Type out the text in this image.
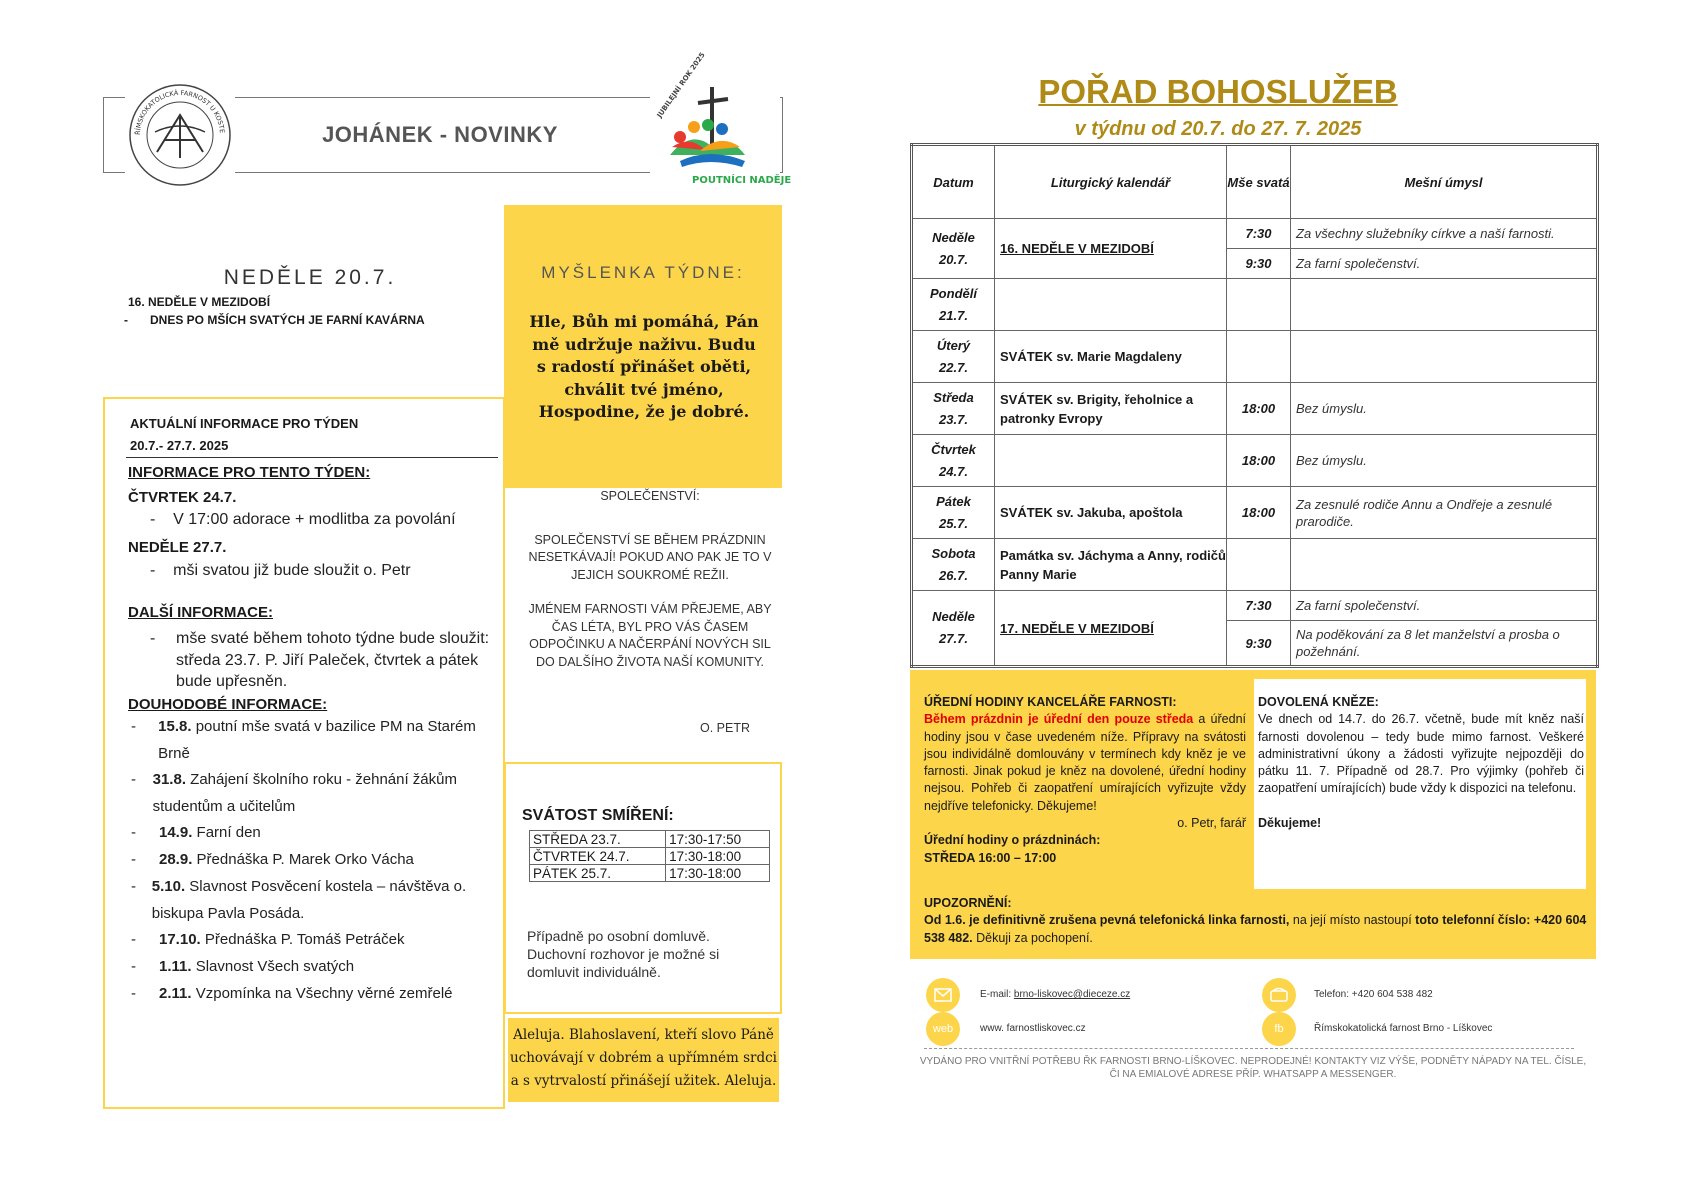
ŘÍMSKOKATOLICKÁ FARNOST U KOSTE	JOHÁNEK - NOVINKY
JUBILEJNÍ ROK 2025
POUTNÍCI NADĚJE
NEDĚLE 20.7.
16. NEDĚLE V MEZIDOBÍ
- DNES PO MŠÍCH SVATÝCH JE FARNÍ KAVÁRNA
MYŠLENKA TÝDNE:
Hle, Bůh mi pomáhá, Pán mě udržuje naživu. Budu s radostí přinášet oběti, chválit tvé jméno, Hospodine, že je dobré.
AKTUÁLNÍ INFORMACE PRO TÝDEN
20.7.- 27.7. 2025
INFORMACE PRO TENTO TÝDEN:
ČTVRTEK 24.7.
- V 17:00 adorace + modlitba za povolání
NEDĚLE 27.7.
- mši svatou již bude sloužit o. Petr
DALŠÍ INFORMACE:
-	mše svaté během tohoto týdne bude sloužit: středa 23.7. P. Jiří Paleček, čtvrtek a pátek bude upřesněn.
DOUHODOBÉ INFORMACE:
-	15.8. poutní mše svatá v bazilice PM na Starém Brně
-	31.8. Zahájení školního roku - žehnání žákům studentům a učitelům
-	14.9. Farní den
-	28.9. Přednáška P. Marek Orko Vácha
-	5.10. Slavnost Posvěcení kostela – návštěva o. biskupa Pavla Posáda.
-	17.10. Přednáška P. Tomáš Petráček
-	1.11. Slavnost Všech svatých
-	2.11. Vzpomínka na Všechny věrné zemřelé
SPOLEČENSTVÍ:
SPOLEČENSTVÍ SE BĚHEM PRÁZDNIN NESETKÁVAJÍ! POKUD ANO PAK JE TO V JEJICH SOUKROMÉ REŽII.
JMÉNEM FARNOSTI VÁM PŘEJEME, ABY ČAS LÉTA, BYL PRO VÁS ČASEM ODPOČINKU A NAČERPÁNÍ NOVÝCH SIL DO DALŠÍHO ŽIVOTA NAŠÍ KOMUNITY.
O. PETR
SVÁTOST SMÍŘENÍ:
STŘEDA 23.7.	17:30-17:50
ČTVRTEK 24.7.	17:30-18:00
PÁTEK 25.7.	17:30-18:00
Případně po osobní domluvě. Duchovní rozhovor je možné si domluvit individuálně.
Aleluja. Blahoslavení, kteří slovo Páně uchovávají v dobrém a upřímném srdci a s vytrvalostí přinášejí užitek. Aleluja.
POŘAD BOHOSLUŽEB
v týdnu od 20.7. do 27. 7. 2025
Datum	Liturgický kalendář	Mše svatá	Mešní úmysl

Neděle
20.7.	16. NEDĚLE V MEZIDOBÍ	7:30	Za všechny služebníky církve a naší farnosti.
		9:30	Za farní společenství.

Pondělí
21.7.			

Úterý
22.7.	SVÁTEK sv. Marie Magdaleny		

Středa
23.7.	SVÁTEK sv. Brigity, řeholnice a patronky Evropy	18:00	Bez úmyslu.

Čtvrtek
24.7.		18:00	Bez úmyslu.

Pátek
25.7.	SVÁTEK sv. Jakuba, apoštola	18:00	Za zesnulé rodiče Annu a Ondřeje a zesnulé prarodiče.

Sobota
26.7.	Památka sv. Jáchyma a Anny, rodičů Panny Marie		

Neděle
27.7.	17. NEDĚLE V MEZIDOBÍ	7:30	Za farní společenství.
		9:30	Na poděkování za 8 let manželství a prosba o požehnání.
ÚŘEDNÍ HODINY KANCELÁŘE FARNOSTI:
Během prázdnin je úřední den pouze středa a úřední hodiny jsou v čase uvedeném níže. Přípravy na svátosti jsou individálně domlouvány v termínech kdy kněz je ve farnosti. Jinak pokud je kněz na dovolené, úřední hodiny nejsou. Pohřeb či zaopatření umírajících vyřizujte vždy nejdříve telefonicky. Děkujeme!
o. Petr, farář
Úřední hodiny o prázdninách:
STŘEDA 16:00 – 17:00
DOVOLENÁ KNĚZE:
Ve dnech od 14.7. do 26.7. včetně, bude mít kněz naší farnosti dovolenou – tedy bude mimo farnost. Veškeré administrativní úkony a žádosti vyřizujte nejpozději do pátku 11. 7. Případně od 28.7. Pro výjimky (pohřeb či zaopatření umírajících) bude vždy k dispozici na telefonu.
Děkujeme!
UPOZORNĚNÍ:
Od 1.6. je definitivně zrušena pevná telefonická linka farnosti, na její místo nastoupí toto telefonní číslo: +420 604 538 482. Děkuji za pochopení.
E-mail: brno-liskovec@dieceze.cz
web	www. farnostliskovec.cz
Telefon: +420 604 538 482
fb	Římskokatolická farnost Brno - Líškovec
VYDÁNO PRO VNITŘNÍ POTŘEBU ŘK FARNOSTI BRNO-LÍŠKOVEC. NEPRODEJNÉ! KONTAKTY VIZ VÝŠE, PODNĚTY NÁPADY NA TEL. ČÍSLE, ČI NA EMIALOVÉ ADRESE PŘÍP. WHATSAPP A MESSENGER.
